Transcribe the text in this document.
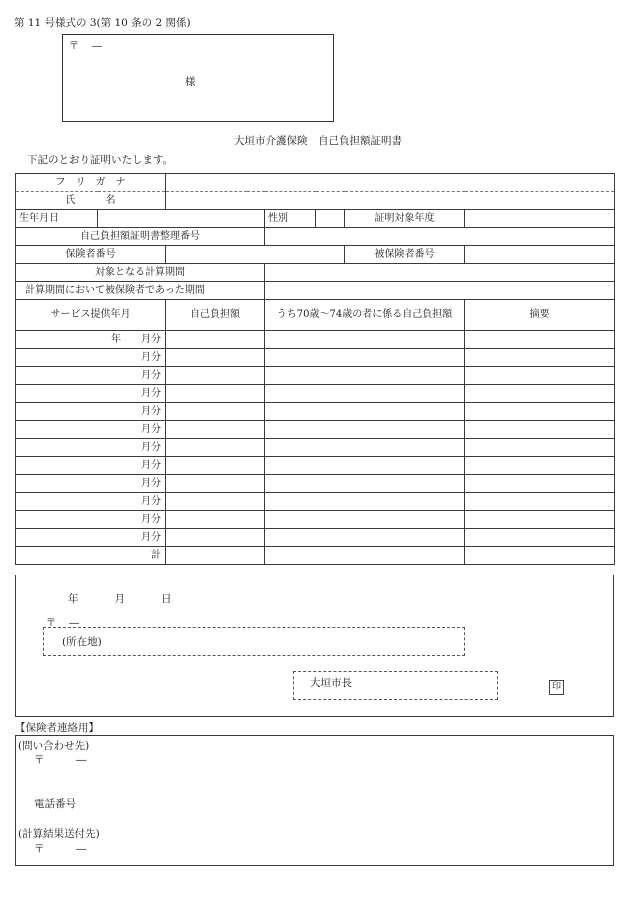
第 11 号様式の 3(第 10 条の 2 関係)
〒　 ―
様
大垣市介護保険　自己負担額証明書
下記のとおり証明いたします。
フ　リ　ガ　ナ						
氏　　　名						
生年月日			性別		証明対象年度	
自己負担額証明書整理番号						
保険者番号					被保険者番号	
対象となる計算期間						
計算期間において被保険者であった期間						
サービス提供年月		自己負担額	うち70歳～74歳の者に係る自己負担額			摘要
年　　月分						
月分						
月分						
月分						
月分						
月分						
月分						
月分						
月分						
月分						
月分						
月分						
計						
年	月	日
〒　 ―
(所在地)
大垣市長	印
【保険者連絡用】
(問い合わせ先)
〒　　　―
電話番号
(計算結果送付先)
〒　　　―
